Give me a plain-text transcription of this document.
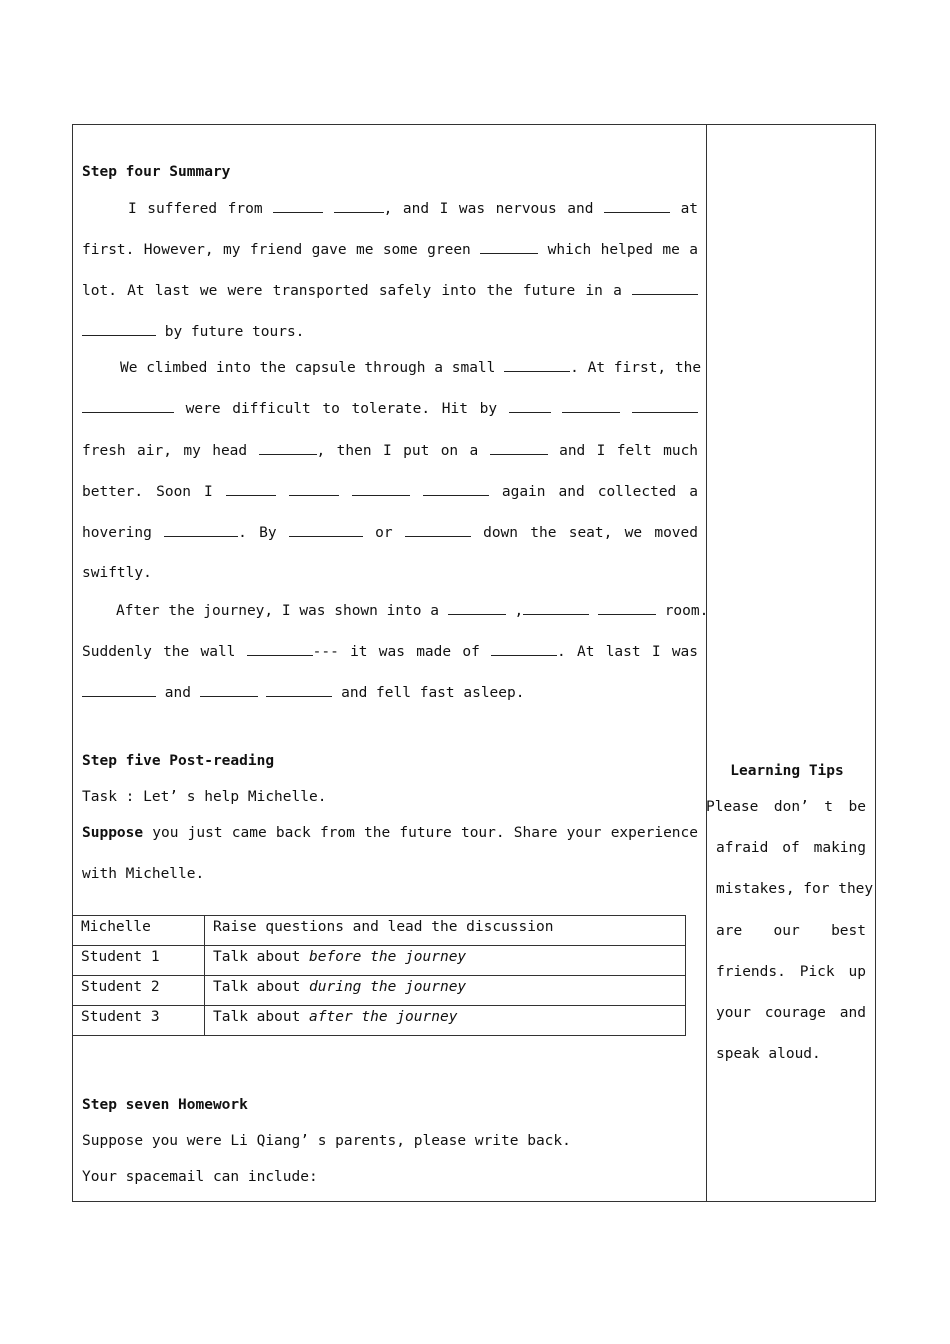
Step four Summary
I suffered from	, and I was nervous and	at
first. However, my friend gave me some green	which helped me a
lot. At last we were transported safely into the future in a
by future tours.
We climbed into the capsule through a small	. At first, the
were difficult to tolerate. Hit by
fresh air, my head	, then I put on a	and I felt much
better. Soon I	again and collected a
hovering	. By	or	down the seat, we moved
swiftly.
After the journey, I was shown into a	,	room.
Suddenly the wall	--- it was made of	. At last I was
and	and fell fast asleep.
Step five Post-reading
Task : Let’ s help Michelle.
Suppose you just came back from the future tour. Share your experience
with Michelle.
Step seven Homework
Suppose you were Li Qiang’ s parents, please write back.
Your spacemail can include:
Michelle	Raise questions and lead the discussion
Student 1	Talk about before the journey
Student 2	Talk about during the journey
Student 3	Talk about after the journey
Learning Tips
Please don’ t be
afraid of making
mistakes, for they
are our best
friends. Pick up
your courage and
speak aloud.
